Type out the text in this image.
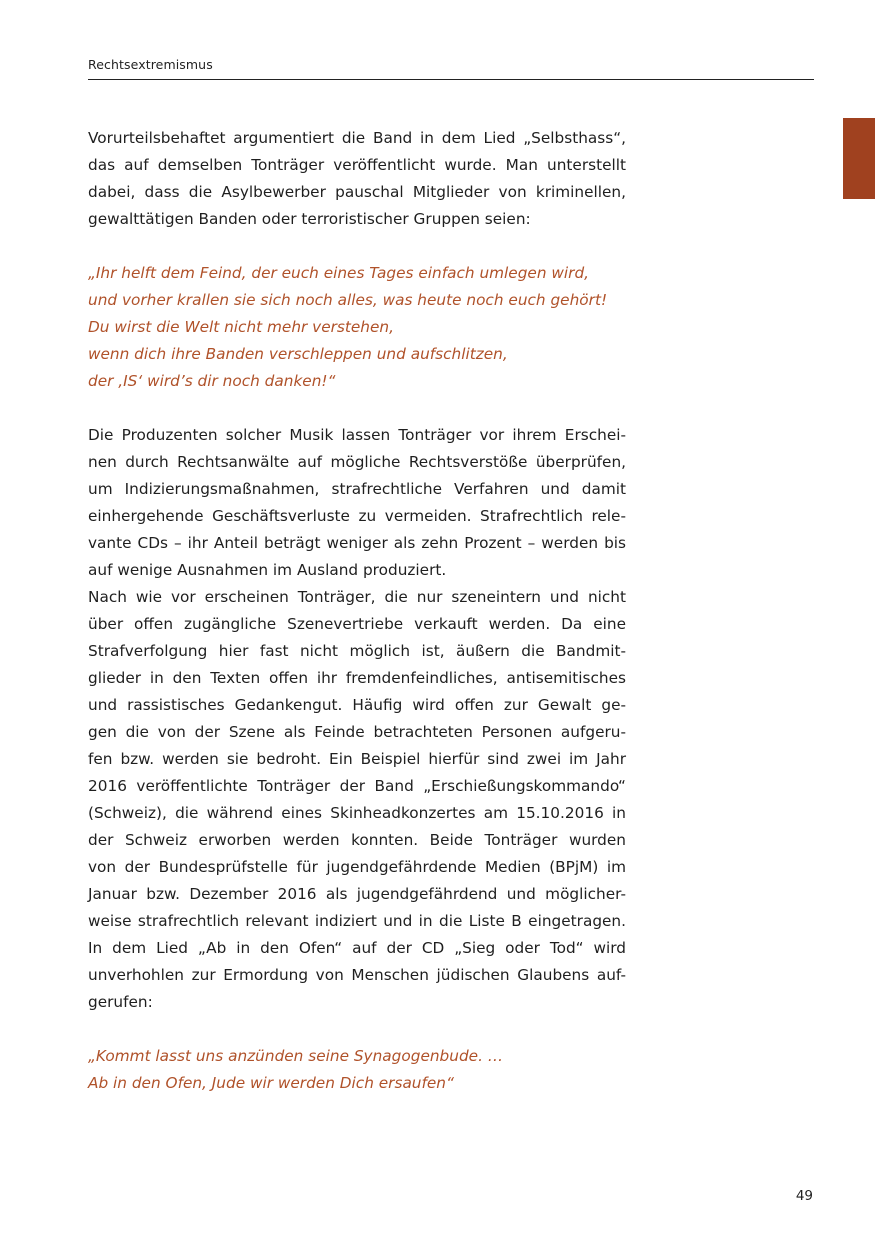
Rechtsextremismus
Vorurteilsbehaftet argumentiert die Band in dem Lied „Selbsthass“,
das auf demselben Tonträger veröffentlicht wurde. Man unterstellt
dabei, dass die Asylbewerber pauschal Mitglieder von kriminellen,
gewalttätigen Banden oder terroristischer Gruppen seien:
„Ihr helft dem Feind, der euch eines Tages einfach umlegen wird,
und vorher krallen sie sich noch alles, was heute noch euch gehört!
Du wirst die Welt nicht mehr verstehen,
wenn dich ihre Banden verschleppen und aufschlitzen,
der ‚IS‘ wird’s dir noch danken!“
Die Produzenten solcher Musik lassen Tonträger vor ihrem Erschei-
nen durch Rechtsanwälte auf mögliche Rechtsverstöße überprüfen,
um Indizierungsmaßnahmen, strafrechtliche Verfahren und damit
einhergehende Geschäftsverluste zu vermeiden. Strafrechtlich rele-
vante CDs – ihr Anteil beträgt weniger als zehn Prozent – werden bis
auf wenige Ausnahmen im Ausland produziert.
Nach wie vor erscheinen Tonträger, die nur szeneintern und nicht
über offen zugängliche Szenevertriebe verkauft werden. Da eine
Strafverfolgung hier fast nicht möglich ist, äußern die Bandmit-
glieder in den Texten offen ihr fremdenfeindliches, antisemitisches
und rassistisches Gedankengut. Häufig wird offen zur Gewalt ge-
gen die von der Szene als Feinde betrachteten Personen aufgeru-
fen bzw. werden sie bedroht. Ein Beispiel hierfür sind zwei im Jahr
2016 veröffentlichte Tonträger der Band „Erschießungskommando“
(Schweiz), die während eines Skinheadkonzertes am 15.10.2016 in
der Schweiz erworben werden konnten. Beide Tonträger wurden
von der Bundesprüfstelle für jugendgefährdende Medien (BPjM) im
Januar bzw. Dezember 2016 als jugendgefährdend und möglicher-
weise strafrechtlich relevant indiziert und in die Liste B eingetragen.
In dem Lied „Ab in den Ofen“ auf der CD „Sieg oder Tod“ wird
unverhohlen zur Ermordung von Menschen jüdischen Glaubens auf-
gerufen:
„Kommt lasst uns anzünden seine Synagogenbude. …
Ab in den Ofen, Jude wir werden Dich ersaufen“
49
